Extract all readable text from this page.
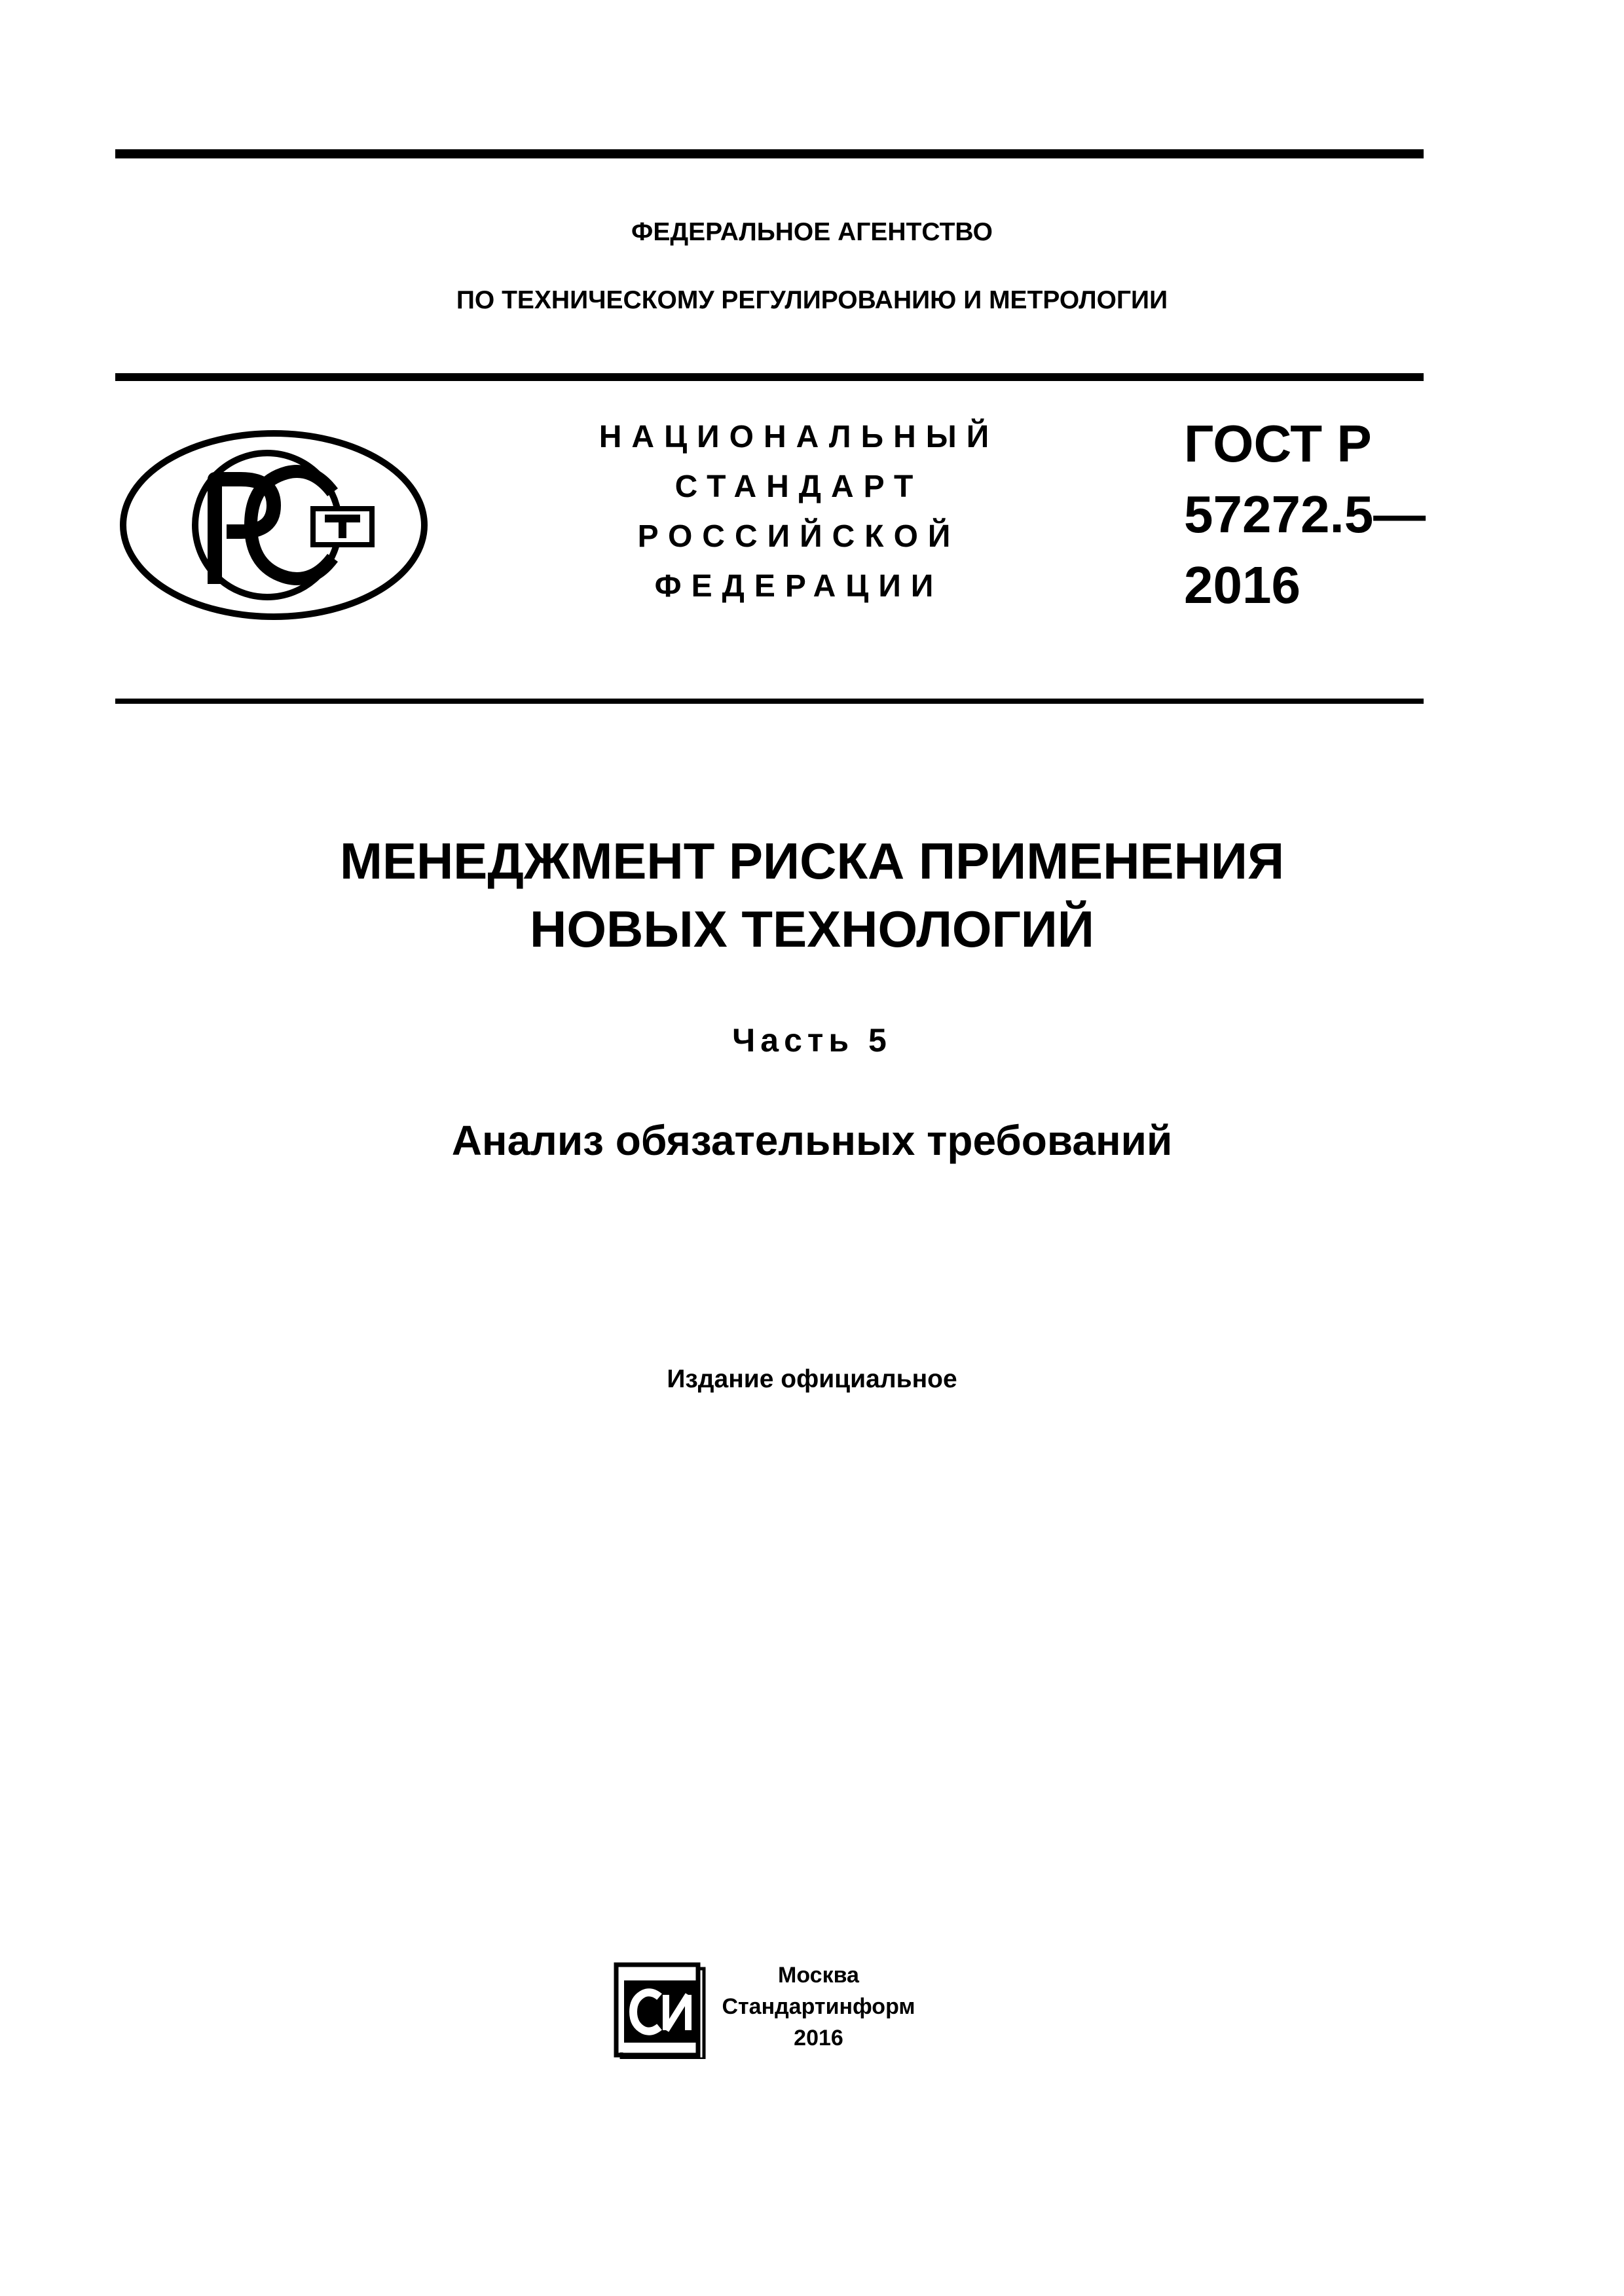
ФЕДЕРАЛЬНОЕ АГЕНТСТВО
ПО ТЕХНИЧЕСКОМУ РЕГУЛИРОВАНИЮ И МЕТРОЛОГИИ
НАЦИОНАЛЬНЫЙ
СТАНДАРТ
РОССИЙСКОЙ
ФЕДЕРАЦИИ
ГОСТ Р
57272.5—
2016
МЕНЕДЖМЕНТ РИСКА ПРИМЕНЕНИЯ
НОВЫХ ТЕХНОЛОГИЙ
Часть 5
Анализ обязательных требований
Издание официальное
Москва
Стандартинформ
2016
